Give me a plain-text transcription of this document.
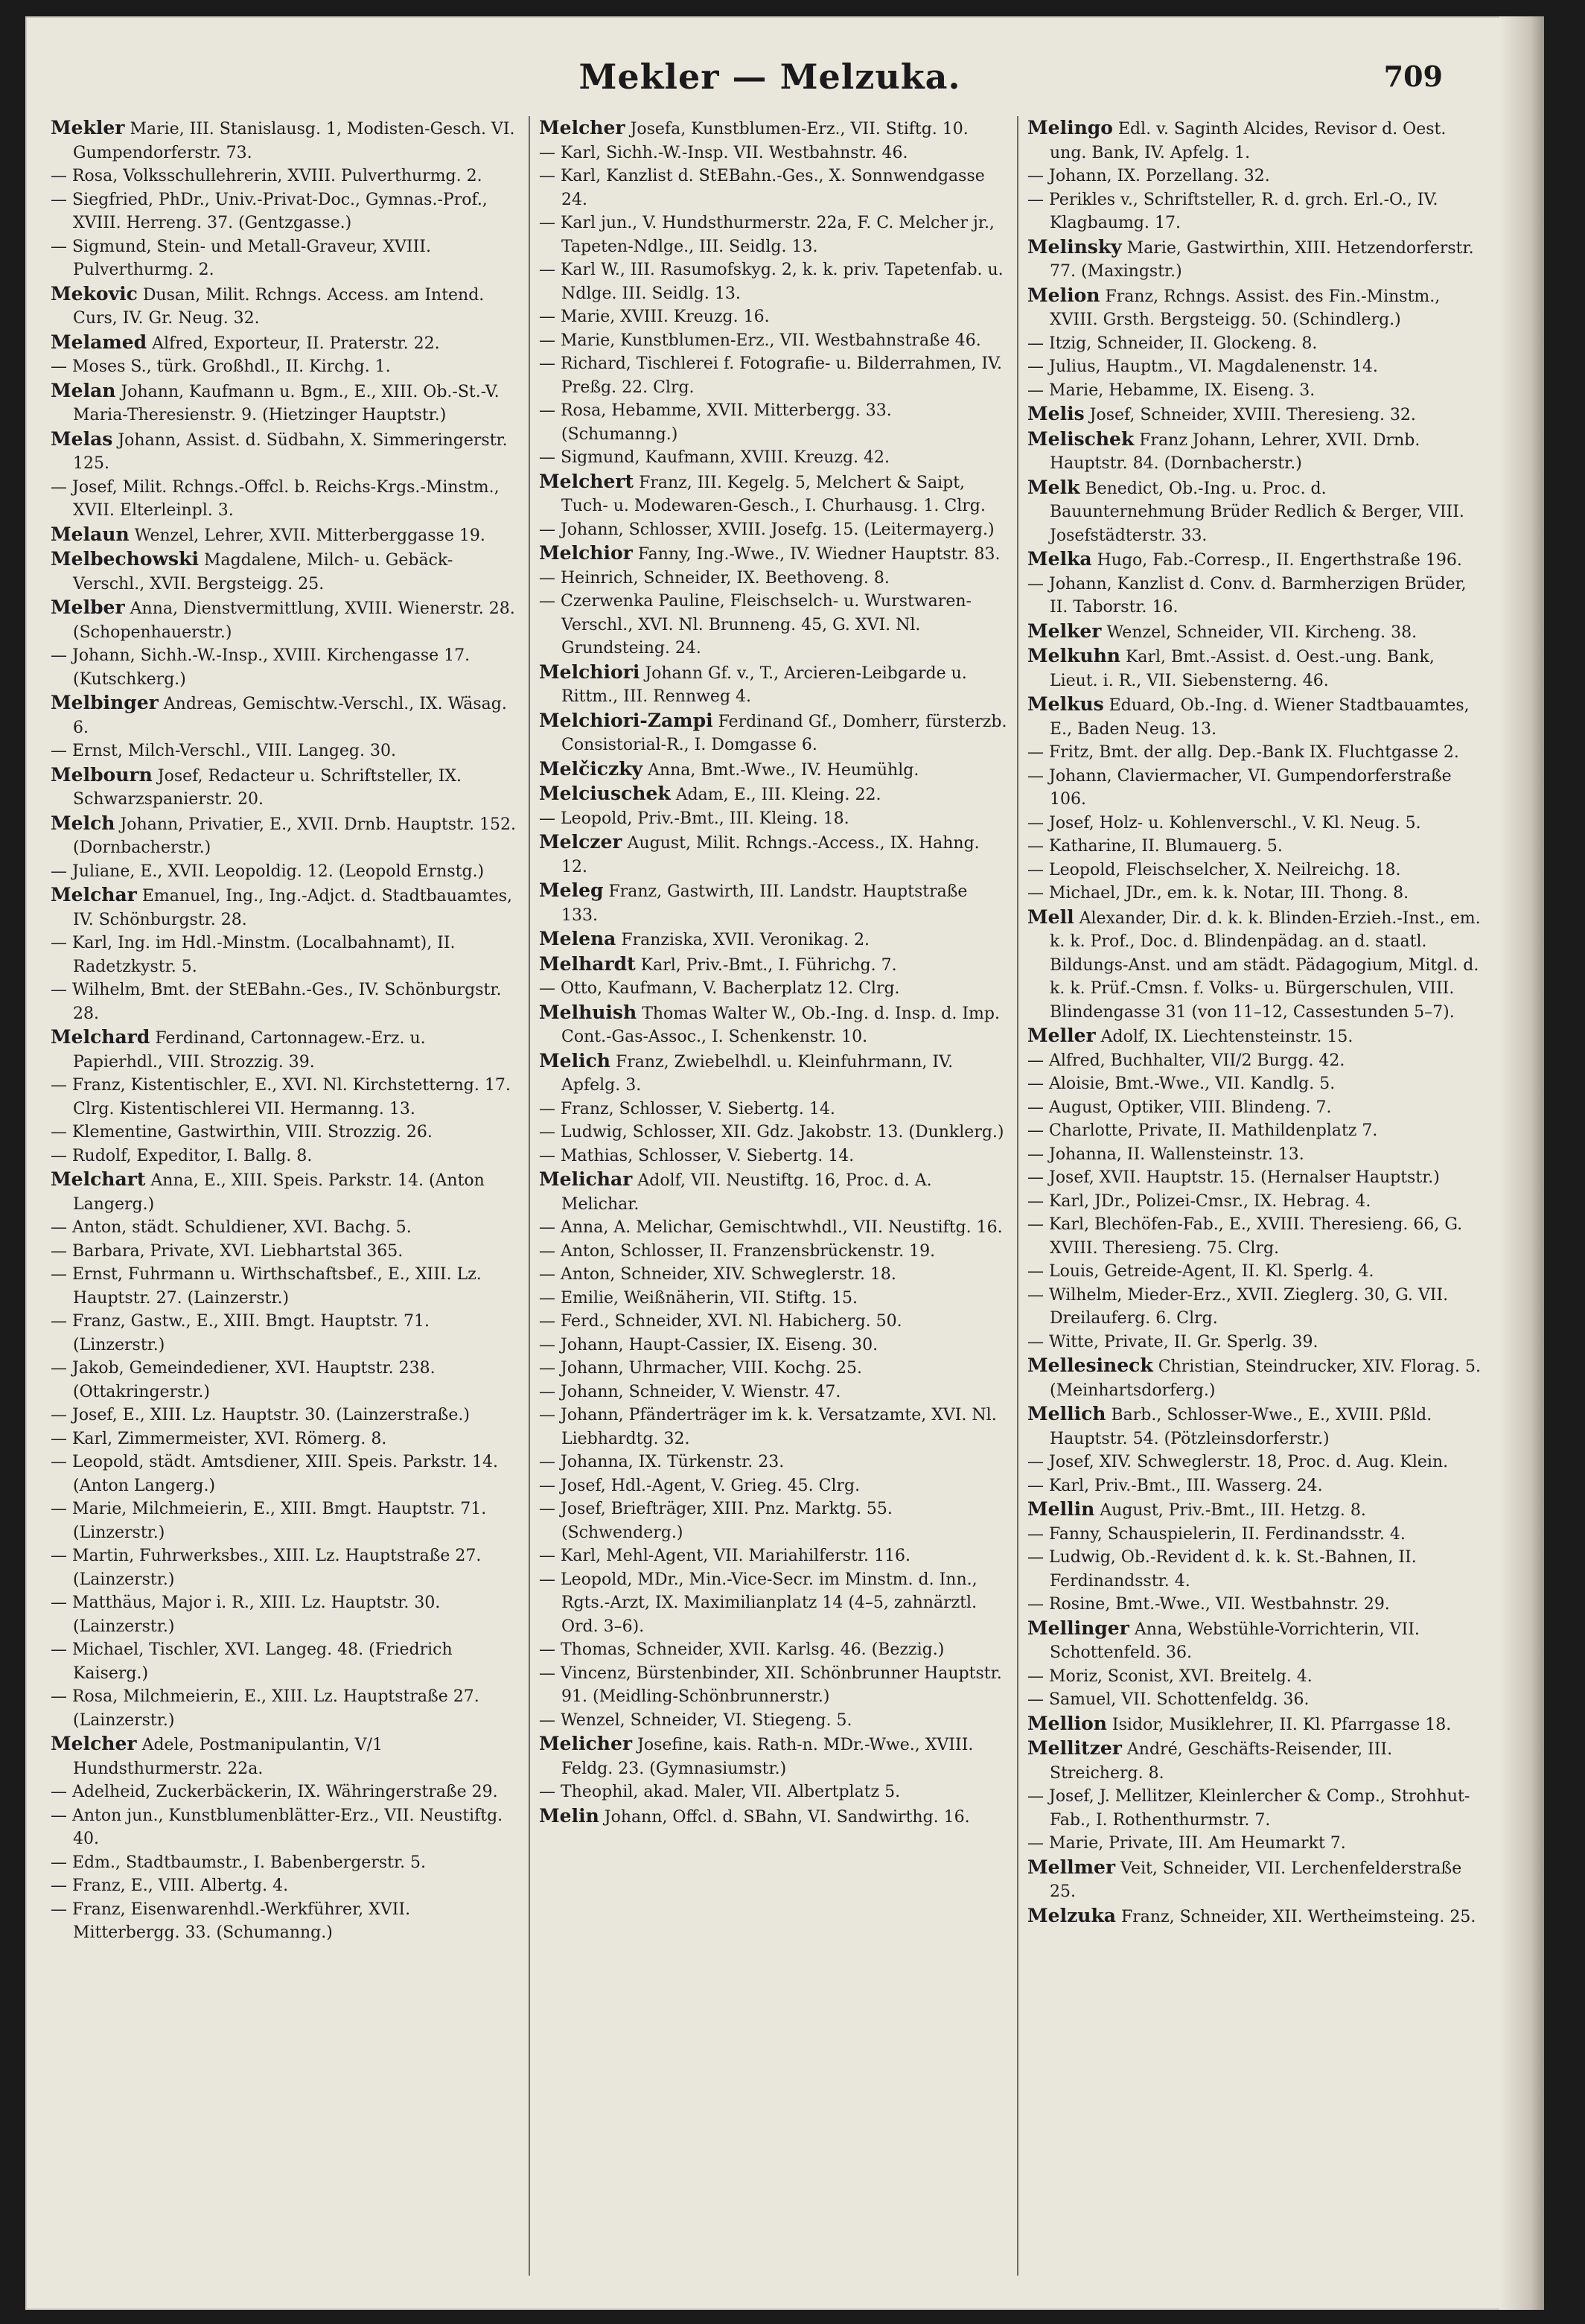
Mekler — Melzuka.	709

Mekler Marie, III. Stanislausg. 1, Modisten-Gesch. VI. Gumpendorferstr. 73.

— Rosa, Volksschullehrerin, XVIII. Pulverthurmg. 2.

— Siegfried, PhDr., Univ.-Privat-Doc., Gymnas.-Prof., XVIII. Herreng. 37. (Gentzgasse.)

— Sigmund, Stein- und Metall-Graveur, XVIII. Pulverthurmg. 2.

Mekovic Dusan, Milit. Rchngs. Access. am Intend. Curs, IV. Gr. Neug. 32.

Melamed Alfred, Exporteur, II. Praterstr. 22.

— Moses S., türk. Großhdl., II. Kirchg. 1.

Melan Johann, Kaufmann u. Bgm., E., XIII. Ob.-St.-V. Maria-Theresienstr. 9. (Hietzinger Hauptstr.)

Melas Johann, Assist. d. Südbahn, X. Simmeringerstr. 125.

— Josef, Milit. Rchngs.-Offcl. b. Reichs-Krgs.-Minstm., XVII. Elterleinpl. 3.

Melaun Wenzel, Lehrer, XVII. Mitterberggasse 19.

Melbechowski Magdalene, Milch- u. Gebäck-Verschl., XVII. Bergsteigg. 25.

Melber Anna, Dienstvermittlung, XVIII. Wienerstr. 28. (Schopenhauerstr.)

— Johann, Sichh.-W.-Insp., XVIII. Kirchengasse 17. (Kutschkerg.)

Melbinger Andreas, Gemischtw.-Verschl., IX. Wäsag. 6.

— Ernst, Milch-Verschl., VIII. Langeg. 30.

Melbourn Josef, Redacteur u. Schriftsteller, IX. Schwarzspanierstr. 20.

Melch Johann, Privatier, E., XVII. Drnb. Hauptstr. 152. (Dornbacherstr.)

— Juliane, E., XVII. Leopoldig. 12. (Leopold Ernstg.)

Melchar Emanuel, Ing., Ing.-Adjct. d. Stadtbauamtes, IV. Schönburgstr. 28.

— Karl, Ing. im Hdl.-Minstm. (Localbahnamt), II. Radetzkystr. 5.

— Wilhelm, Bmt. der StEBahn.-Ges., IV. Schönburgstr. 28.

Melchard Ferdinand, Cartonnagew.-Erz. u. Papierhdl., VIII. Strozzig. 39.

— Franz, Kistentischler, E., XVI. Nl. Kirchstetterng. 17. Clrg. Kistentischlerei VII. Hermanng. 13.

— Klementine, Gastwirthin, VIII. Strozzig. 26.

— Rudolf, Expeditor, I. Ballg. 8.

Melchart Anna, E., XIII. Speis. Parkstr. 14. (Anton Langerg.)

— Anton, städt. Schuldiener, XVI. Bachg. 5.

— Barbara, Private, XVI. Liebhartstal 365.

— Ernst, Fuhrmann u. Wirthschaftsbef., E., XIII. Lz. Hauptstr. 27. (Lainzerstr.)

— Franz, Gastw., E., XIII. Bmgt. Hauptstr. 71. (Linzerstr.)

— Jakob, Gemeindediener, XVI. Hauptstr. 238. (Ottakringerstr.)

— Josef, E., XIII. Lz. Hauptstr. 30. (Lainzerstraße.)

— Karl, Zimmermeister, XVI. Römerg. 8.

— Leopold, städt. Amtsdiener, XIII. Speis. Parkstr. 14. (Anton Langerg.)

— Marie, Milchmeierin, E., XIII. Bmgt. Hauptstr. 71. (Linzerstr.)

— Martin, Fuhrwerksbes., XIII. Lz. Hauptstraße 27. (Lainzerstr.)

— Matthäus, Major i. R., XIII. Lz. Hauptstr. 30. (Lainzerstr.)

— Michael, Tischler, XVI. Langeg. 48. (Friedrich Kaiserg.)

— Rosa, Milchmeierin, E., XIII. Lz. Hauptstraße 27. (Lainzerstr.)

Melcher Adele, Postmanipulantin, V/1 Hundsthurmerstr. 22a.

— Adelheid, Zuckerbäckerin, IX. Währingerstraße 29.

— Anton jun., Kunstblumenblätter-Erz., VII. Neustiftg. 40.

— Edm., Stadtbaumstr., I. Babenbergerstr. 5.

— Franz, E., VIII. Albertg. 4.

— Franz, Eisenwarenhdl.-Werkführer, XVII. Mitterbergg. 33. (Schumanng.)

Melcher Josefa, Kunstblumen-Erz., VII. Stiftg. 10.

— Karl, Sichh.-W.-Insp. VII. Westbahnstr. 46.

— Karl, Kanzlist d. StEBahn.-Ges., X. Sonnwendgasse 24.

— Karl jun., V. Hundsthurmerstr. 22a, F. C. Melcher jr., Tapeten-Ndlge., III. Seidlg. 13.

— Karl W., III. Rasumofskyg. 2, k. k. priv. Tapetenfab. u. Ndlge. III. Seidlg. 13.

— Marie, XVIII. Kreuzg. 16.

— Marie, Kunstblumen-Erz., VII. Westbahnstraße 46.

— Richard, Tischlerei f. Fotografie- u. Bilderrahmen, IV. Preßg. 22. Clrg.

— Rosa, Hebamme, XVII. Mitterbergg. 33. (Schumanng.)

— Sigmund, Kaufmann, XVIII. Kreuzg. 42.

Melchert Franz, III. Kegelg. 5, Melchert & Saipt, Tuch- u. Modewaren-Gesch., I. Churhausg. 1. Clrg.

— Johann, Schlosser, XVIII. Josefg. 15. (Leitermayerg.)

Melchior Fanny, Ing.-Wwe., IV. Wiedner Hauptstr. 83.

— Heinrich, Schneider, IX. Beethoveng. 8.

— Czerwenka Pauline, Fleischselch- u. Wurstwaren-Verschl., XVI. Nl. Brunneng. 45, G. XVI. Nl. Grundsteing. 24.

Melchiori Johann Gf. v., T., Arcieren-Leibgarde u. Rittm., III. Rennweg 4.

Melchiori-Zampi Ferdinand Gf., Domherr, fürsterzb. Consistorial-R., I. Domgasse 6.

Melčiczky Anna, Bmt.-Wwe., IV. Heumühlg.

Melciuschek Adam, E., III. Kleing. 22.

— Leopold, Priv.-Bmt., III. Kleing. 18.

Melczer August, Milit. Rchngs.-Access., IX. Hahng. 12.

Meleg Franz, Gastwirth, III. Landstr. Hauptstraße 133.

Melena Franziska, XVII. Veronikag. 2.

Melhardt Karl, Priv.-Bmt., I. Führichg. 7.

— Otto, Kaufmann, V. Bacherplatz 12. Clrg.

Melhuish Thomas Walter W., Ob.-Ing. d. Insp. d. Imp. Cont.-Gas-Assoc., I. Schenkenstr. 10.

Melich Franz, Zwiebelhdl. u. Kleinfuhrmann, IV. Apfelg. 3.

— Franz, Schlosser, V. Siebertg. 14.

— Ludwig, Schlosser, XII. Gdz. Jakobstr. 13. (Dunklerg.)

— Mathias, Schlosser, V. Siebertg. 14.

Melichar Adolf, VII. Neustiftg. 16, Proc. d. A. Melichar.

— Anna, A. Melichar, Gemischtwhdl., VII. Neustiftg. 16.

— Anton, Schlosser, II. Franzensbrückenstr. 19.

— Anton, Schneider, XIV. Schweglerstr. 18.

— Emilie, Weißnäherin, VII. Stiftg. 15.

— Ferd., Schneider, XVI. Nl. Habicherg. 50.

— Johann, Haupt-Cassier, IX. Eiseng. 30.

— Johann, Uhrmacher, VIII. Kochg. 25.

— Johann, Schneider, V. Wienstr. 47.

— Johann, Pfänderträger im k. k. Versatzamte, XVI. Nl. Liebhardtg. 32.

— Johanna, IX. Türkenstr. 23.

— Josef, Hdl.-Agent, V. Grieg. 45. Clrg.

— Josef, Briefträger, XIII. Pnz. Marktg. 55. (Schwenderg.)

— Karl, Mehl-Agent, VII. Mariahilferstr. 116.

— Leopold, MDr., Min.-Vice-Secr. im Minstm. d. Inn., Rgts.-Arzt, IX. Maximilianplatz 14 (4–5, zahnärztl. Ord. 3–6).

— Thomas, Schneider, XVII. Karlsg. 46. (Bezzig.)

— Vincenz, Bürstenbinder, XII. Schönbrunner Hauptstr. 91. (Meidling-Schönbrunnerstr.)

— Wenzel, Schneider, VI. Stiegeng. 5.

Melicher Josefine, kais. Rath-n. MDr.-Wwe., XVIII. Feldg. 23. (Gymnasiumstr.)

— Theophil, akad. Maler, VII. Albertplatz 5.

Melin Johann, Offcl. d. SBahn, VI. Sandwirthg. 16.

Melingo Edl. v. Saginth Alcides, Revisor d. Oest. ung. Bank, IV. Apfelg. 1.

— Johann, IX. Porzellang. 32.

— Perikles v., Schriftsteller, R. d. grch. Erl.-O., IV. Klagbaumg. 17.

Melinsky Marie, Gastwirthin, XIII. Hetzendorferstr. 77. (Maxingstr.)

Melion Franz, Rchngs. Assist. des Fin.-Minstm., XVIII. Grsth. Bergsteigg. 50. (Schindlerg.)

— Itzig, Schneider, II. Glockeng. 8.

— Julius, Hauptm., VI. Magdalenenstr. 14.

— Marie, Hebamme, IX. Eiseng. 3.

Melis Josef, Schneider, XVIII. Theresieng. 32.

Melischek Franz Johann, Lehrer, XVII. Drnb. Hauptstr. 84. (Dornbacherstr.)

Melk Benedict, Ob.-Ing. u. Proc. d. Bauunternehmung Brüder Redlich & Berger, VIII. Josefstädterstr. 33.

Melka Hugo, Fab.-Corresp., II. Engerthstraße 196.

— Johann, Kanzlist d. Conv. d. Barmherzigen Brüder, II. Taborstr. 16.

Melker Wenzel, Schneider, VII. Kircheng. 38.

Melkuhn Karl, Bmt.-Assist. d. Oest.-ung. Bank, Lieut. i. R., VII. Siebensterng. 46.

Melkus Eduard, Ob.-Ing. d. Wiener Stadtbauamtes, E., Baden Neug. 13.

— Fritz, Bmt. der allg. Dep.-Bank IX. Fluchtgasse 2.

— Johann, Claviermacher, VI. Gumpendorferstraße 106.

— Josef, Holz- u. Kohlenverschl., V. Kl. Neug. 5.

— Katharine, II. Blumauerg. 5.

— Leopold, Fleischselcher, X. Neilreichg. 18.

— Michael, JDr., em. k. k. Notar, III. Thong. 8.

Mell Alexander, Dir. d. k. k. Blinden-Erzieh.-Inst., em. k. k. Prof., Doc. d. Blindenpädag. an d. staatl. Bildungs-Anst. und am städt. Pädagogium, Mitgl. d. k. k. Prüf.-Cmsn. f. Volks- u. Bürgerschulen, VIII. Blindengasse 31 (von 11–12, Cassestunden 5–7).

Meller Adolf, IX. Liechtensteinstr. 15.

— Alfred, Buchhalter, VII/2 Burgg. 42.

— Aloisie, Bmt.-Wwe., VII. Kandlg. 5.

— August, Optiker, VIII. Blindeng. 7.

— Charlotte, Private, II. Mathildenplatz 7.

— Johanna, II. Wallensteinstr. 13.

— Josef, XVII. Hauptstr. 15. (Hernalser Hauptstr.)

— Karl, JDr., Polizei-Cmsr., IX. Hebrag. 4.

— Karl, Blechöfen-Fab., E., XVIII. Theresieng. 66, G. XVIII. Theresieng. 75. Clrg.

— Louis, Getreide-Agent, II. Kl. Sperlg. 4.

— Wilhelm, Mieder-Erz., XVII. Zieglerg. 30, G. VII. Dreilauferg. 6. Clrg.

— Witte, Private, II. Gr. Sperlg. 39.

Mellesineck Christian, Steindrucker, XIV. Florag. 5. (Meinhartsdorferg.)

Mellich Barb., Schlosser-Wwe., E., XVIII. Pßld. Hauptstr. 54. (Pötzleinsdorferstr.)

— Josef, XIV. Schweglerstr. 18, Proc. d. Aug. Klein.

— Karl, Priv.-Bmt., III. Wasserg. 24.

Mellin August, Priv.-Bmt., III. Hetzg. 8.

— Fanny, Schauspielerin, II. Ferdinandsstr. 4.

— Ludwig, Ob.-Revident d. k. k. St.-Bahnen, II. Ferdinandsstr. 4.

— Rosine, Bmt.-Wwe., VII. Westbahnstr. 29.

Mellinger Anna, Webstühle-Vorrichterin, VII. Schottenfeld. 36.

— Moriz, Sconist, XVI. Breitelg. 4.

— Samuel, VII. Schottenfeldg. 36.

Mellion Isidor, Musiklehrer, II. Kl. Pfarrgasse 18.

Mellitzer André, Geschäfts-Reisender, III. Streicherg. 8.

— Josef, J. Mellitzer, Kleinlercher & Comp., Strohhut-Fab., I. Rothenthurmstr. 7.

— Marie, Private, III. Am Heumarkt 7.

Mellmer Veit, Schneider, VII. Lerchenfelderstraße 25.

Melzuka Franz, Schneider, XII. Wertheimsteing. 25.
